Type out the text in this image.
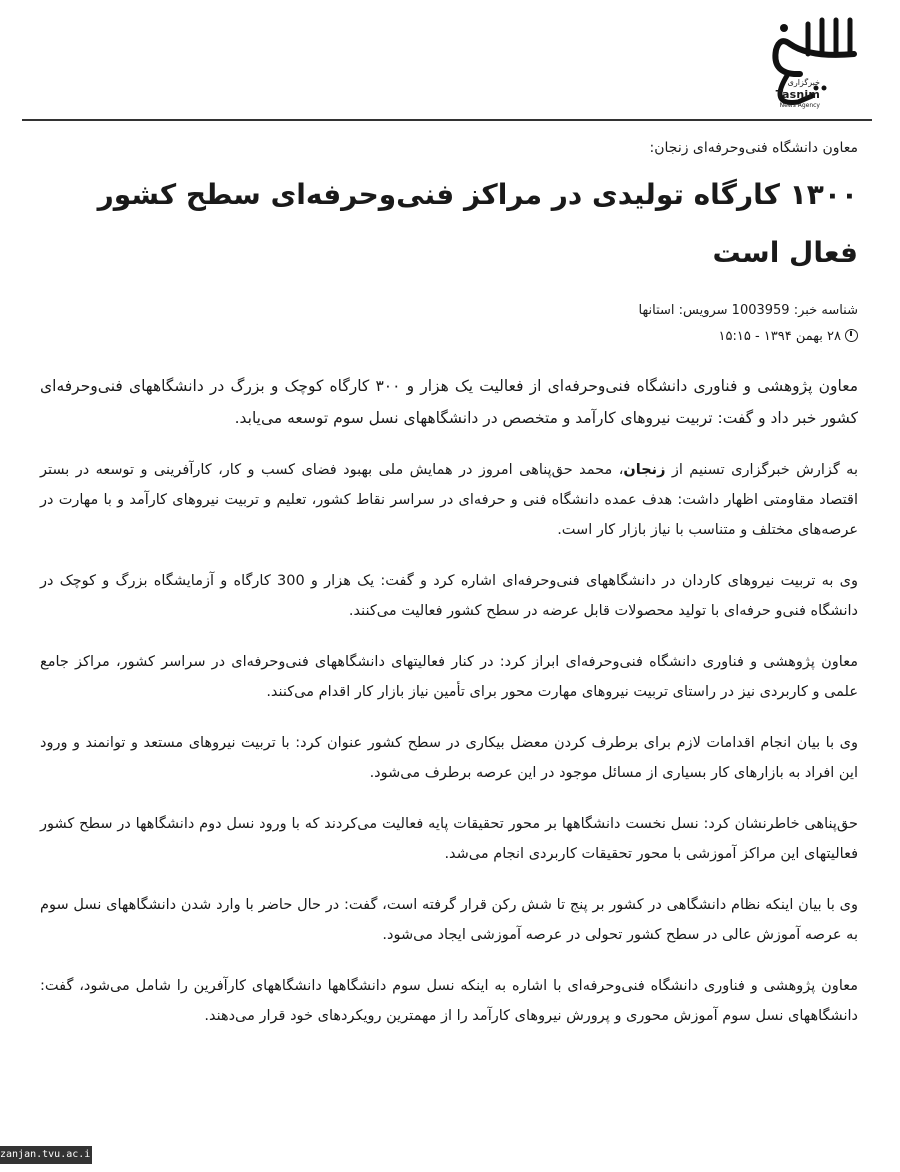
خبرگزاری
Tasnim
News Agency
معاون دانشگاه فنی‌وحرفه‌ای زنجان:
۱۳۰۰ کارگاه تولیدی در مراکز فنی‌وحرفه‌ای سطح کشور فعال است
شناسه خبر: 1003959 سرویس: استانها
۲۸ بهمن ۱۳۹۴ - ۱۵:۱۵

معاون پژوهشی و فناوری دانشگاه فنی‌وحرفه‌ای از فعالیت یک هزار و ۳۰۰ کارگاه کوچک و بزرگ در دانشگاههای فنی‌وحرفه‌ای کشور خبر داد و گفت: تربیت نیروهای کارآمد و متخصص در دانشگاههای نسل سوم توسعه می‌یابد.

به گزارش خبرگزاری تسنیم از زنجان، محمد حق‌پناهی امروز در همایش ملی بهبود فضای کسب و کار، کارآفرینی و توسعه در بستر اقتصاد مقاومتی اظهار داشت: هدف عمده دانشگاه فنی و حرفه‌ای در سراسر نقاط کشور، تعلیم و تربیت نیروهای کارآمد و با مهارت در عرصه‌های مختلف و متناسب با نیاز بازار کار است.

وی به تربیت نیروهای کاردان در دانشگاههای فنی‌وحرفه‌ای اشاره کرد و گفت: یک هزار و 300 کارگاه و آزمایشگاه بزرگ و کوچک در دانشگاه فنی‌و حرفه‌ای با تولید محصولات قابل عرضه در سطح کشور فعالیت می‌کنند.

معاون پژوهشی و فناوری دانشگاه فنی‌وحرفه‌ای ابراز کرد: در کنار فعالیتهای دانشگاههای فنی‌وحرفه‌ای در سراسر کشور، مراکز جامع علمی و کاربردی نیز در راستای تربیت نیروهای مهارت محور برای تأمین نیاز بازار کار اقدام می‌کنند.

وی با بیان انجام اقدامات لازم برای برطرف کردن معضل بیکاری در سطح کشور عنوان کرد: با تربیت نیروهای مستعد و توانمند و ورود این افراد به بازارهای کار بسیاری از مسائل موجود در این عرصه برطرف می‌شود.

حق‌پناهی خاطرنشان کرد: نسل نخست دانشگاهها بر محور تحقیقات پایه فعالیت می‌کردند که با ورود نسل دوم دانشگاهها در سطح کشور فعالیتهای این مراکز آموزشی با محور تحقیقات کاربردی انجام می‌شد.

وی با بیان اینکه نظام دانشگاهی در کشور بر پنج تا شش رکن قرار گرفته است، گفت: در حال حاضر با وارد شدن دانشگاههای نسل سوم به عرصه آموزش عالی در سطح کشور تحولی در عرصه آموزشی ایجاد می‌شود.

معاون پژوهشی و فناوری دانشگاه فنی‌وحرفه‌ای با اشاره به اینکه نسل سوم دانشگاهها دانشگاههای کارآفرین را شامل می‌شود، گفت: دانشگاههای نسل سوم آموزش محوری و پرورش نیروهای کارآمد را از مهمترین رویکردهای خود قرار می‌دهند.

zanjan.tvu.ac.ir
